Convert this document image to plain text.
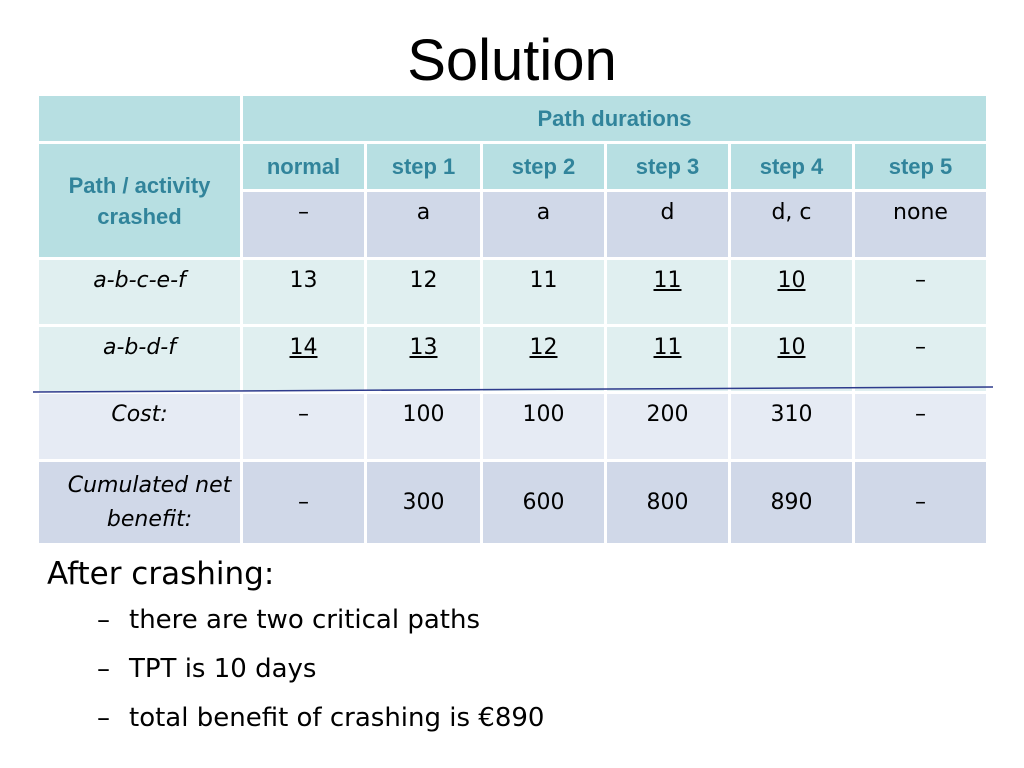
Solution
	Path durations					
Path / activity crashed	normal	step 1	step 2	step 3	step 4	step 5
	–	a	a	d	d, c	none
a-b-c-e-f	13	12	11	11	10	–
a-b-d-f	14	13	12	11	10	–
Cost:	–	100	100	200	310	–
Cumulated net benefit:	–	300	600	800	890	–
After crashing:
– there are two critical paths
– TPT is 10 days
– total benefit of crashing is €890
